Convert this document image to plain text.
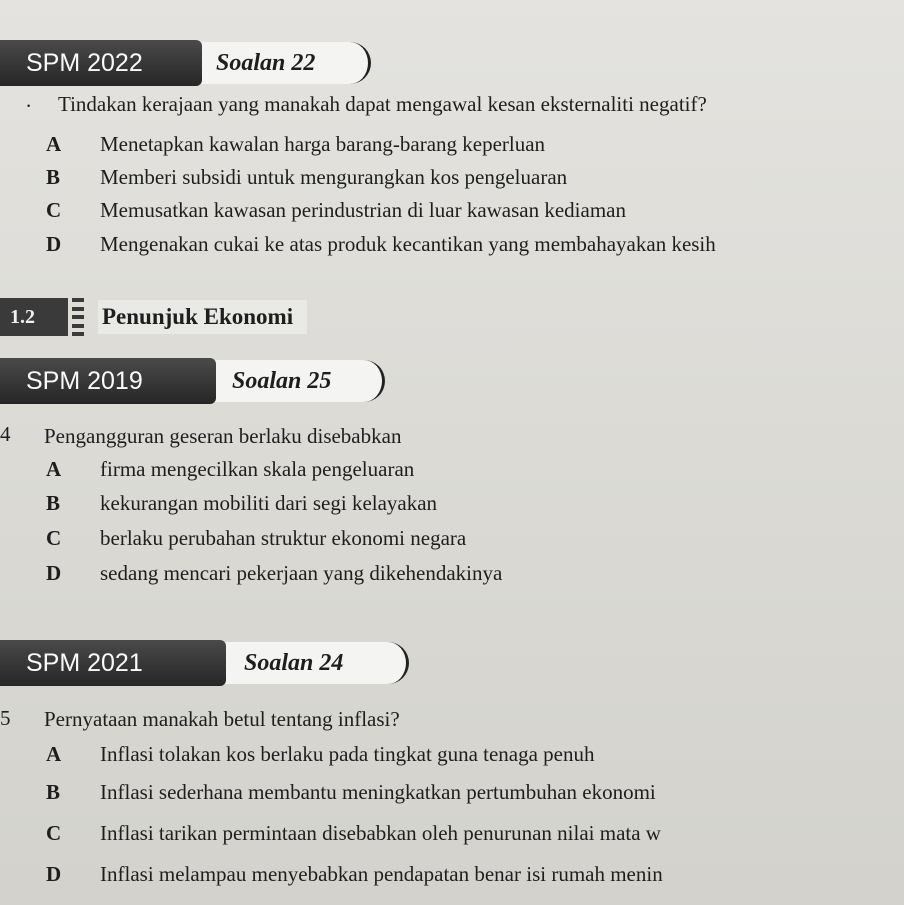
Soalan 22
SPM 2022
. Tindakan kerajaan yang manakah dapat mengawal kesan eksternaliti negatif?
A Menetapkan kawalan harga barang-barang keperluan
B Memberi subsidi untuk mengurangkan kos pengeluaran
C Memusatkan kawasan perindustrian di luar kawasan kediaman
D Mengenakan cukai ke atas produk kecantikan yang membahayakan kesih
1.2	Penunjuk Ekonomi
Soalan 25
SPM 2019
4 Pengangguran geseran berlaku disebabkan
A firma mengecilkan skala pengeluaran
B kekurangan mobiliti dari segi kelayakan
C berlaku perubahan struktur ekonomi negara
D sedang mencari pekerjaan yang dikehendakinya
Soalan 24
SPM 2021
5 Pernyataan manakah betul tentang inflasi?
A Inflasi tolakan kos berlaku pada tingkat guna tenaga penuh
B Inflasi sederhana membantu meningkatkan pertumbuhan ekonomi
C Inflasi tarikan permintaan disebabkan oleh penurunan nilai mata w
D Inflasi melampau menyebabkan pendapatan benar isi rumah menin
